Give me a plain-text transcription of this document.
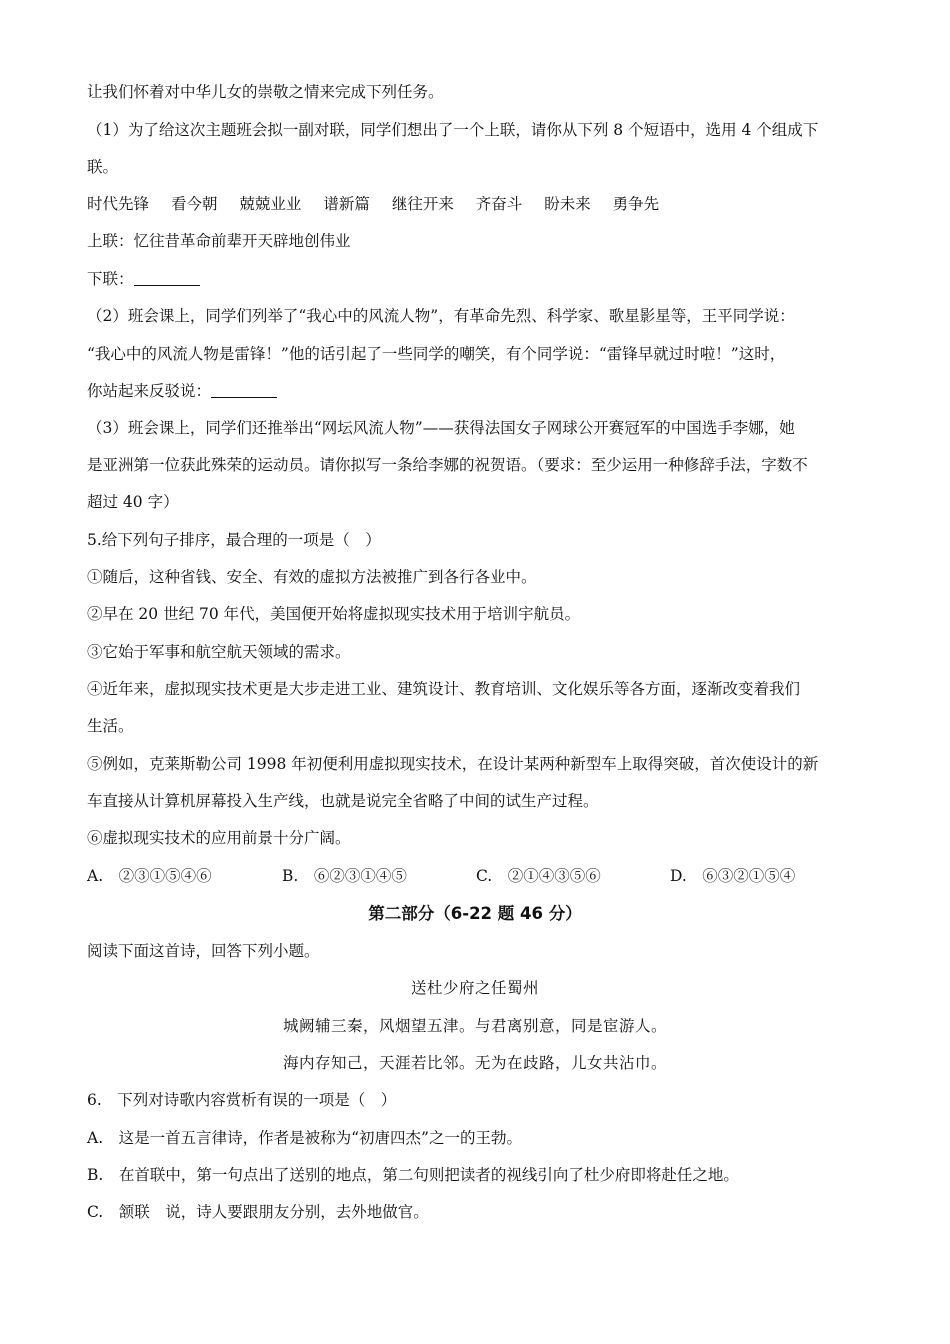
让我们怀着对中华儿女的崇敬之情来完成下列任务。
（1）为了给这次主题班会拟一副对联，同学们想出了一个上联，请你从下列 8 个短语中，选用 4 个组成下
联。
时代先锋 看今朝 兢兢业业 谱新篇 继往开来 齐奋斗 盼未来 勇争先
上联：忆往昔革命前辈开天辟地创伟业
下联：
（2）班会课上，同学们列举了“我心中的风流人物”，有革命先烈、科学家、歌星影星等，王平同学说：
“我心中的风流人物是雷锋！”他的话引起了一些同学的嘲笑，有个同学说：“雷锋早就过时啦！”这时，
你站起来反驳说：
（3）班会课上，同学们还推举出“网坛风流人物”——获得法国女子网球公开赛冠军的中国选手李娜，她
是亚洲第一位获此殊荣的运动员。请你拟写一条给李娜的祝贺语。（要求：至少运用一种修辞手法，字数不
超过 40 字）
5.给下列句子排序，最合理的一项是（　）
①随后，这种省钱、安全、有效的虚拟方法被推广到各行各业中。
②早在 20 世纪 70 年代，美国便开始将虚拟现实技术用于培训宇航员。
③它始于军事和航空航天领域的需求。
④近年来，虚拟现实技术更是大步走进工业、建筑设计、教育培训、文化娱乐等各方面，逐渐改变着我们
生活。
⑤例如，克莱斯勒公司 1998 年初便利用虚拟现实技术，在设计某两种新型车上取得突破，首次使设计的新
车直接从计算机屏幕投入生产线，也就是说完全省略了中间的试生产过程。
⑥虚拟现实技术的应用前景十分广阔。
A.　②③①⑤④⑥	B.　⑥②③①④⑤	C.　②①④③⑤⑥	D.　⑥③②①⑤④
第二部分（6-22 题 46 分）
阅读下面这首诗，回答下列小题。
送杜少府之任蜀州
城阙辅三秦，风烟望五津。与君离别意，同是宦游人。
海内存知己，天涯若比邻。无为在歧路，儿女共沾巾。
6.　下列对诗歌内容赏析有误的一项是（　）
A.　这是一首五言律诗，作者是被称为“初唐四杰”之一的王勃。
B.　在首联中，第一句点出了送别的地点，第二句则把读者的视线引向了杜少府即将赴任之地。
C.　颔联　说，诗人要跟朋友分别，去外地做官。
